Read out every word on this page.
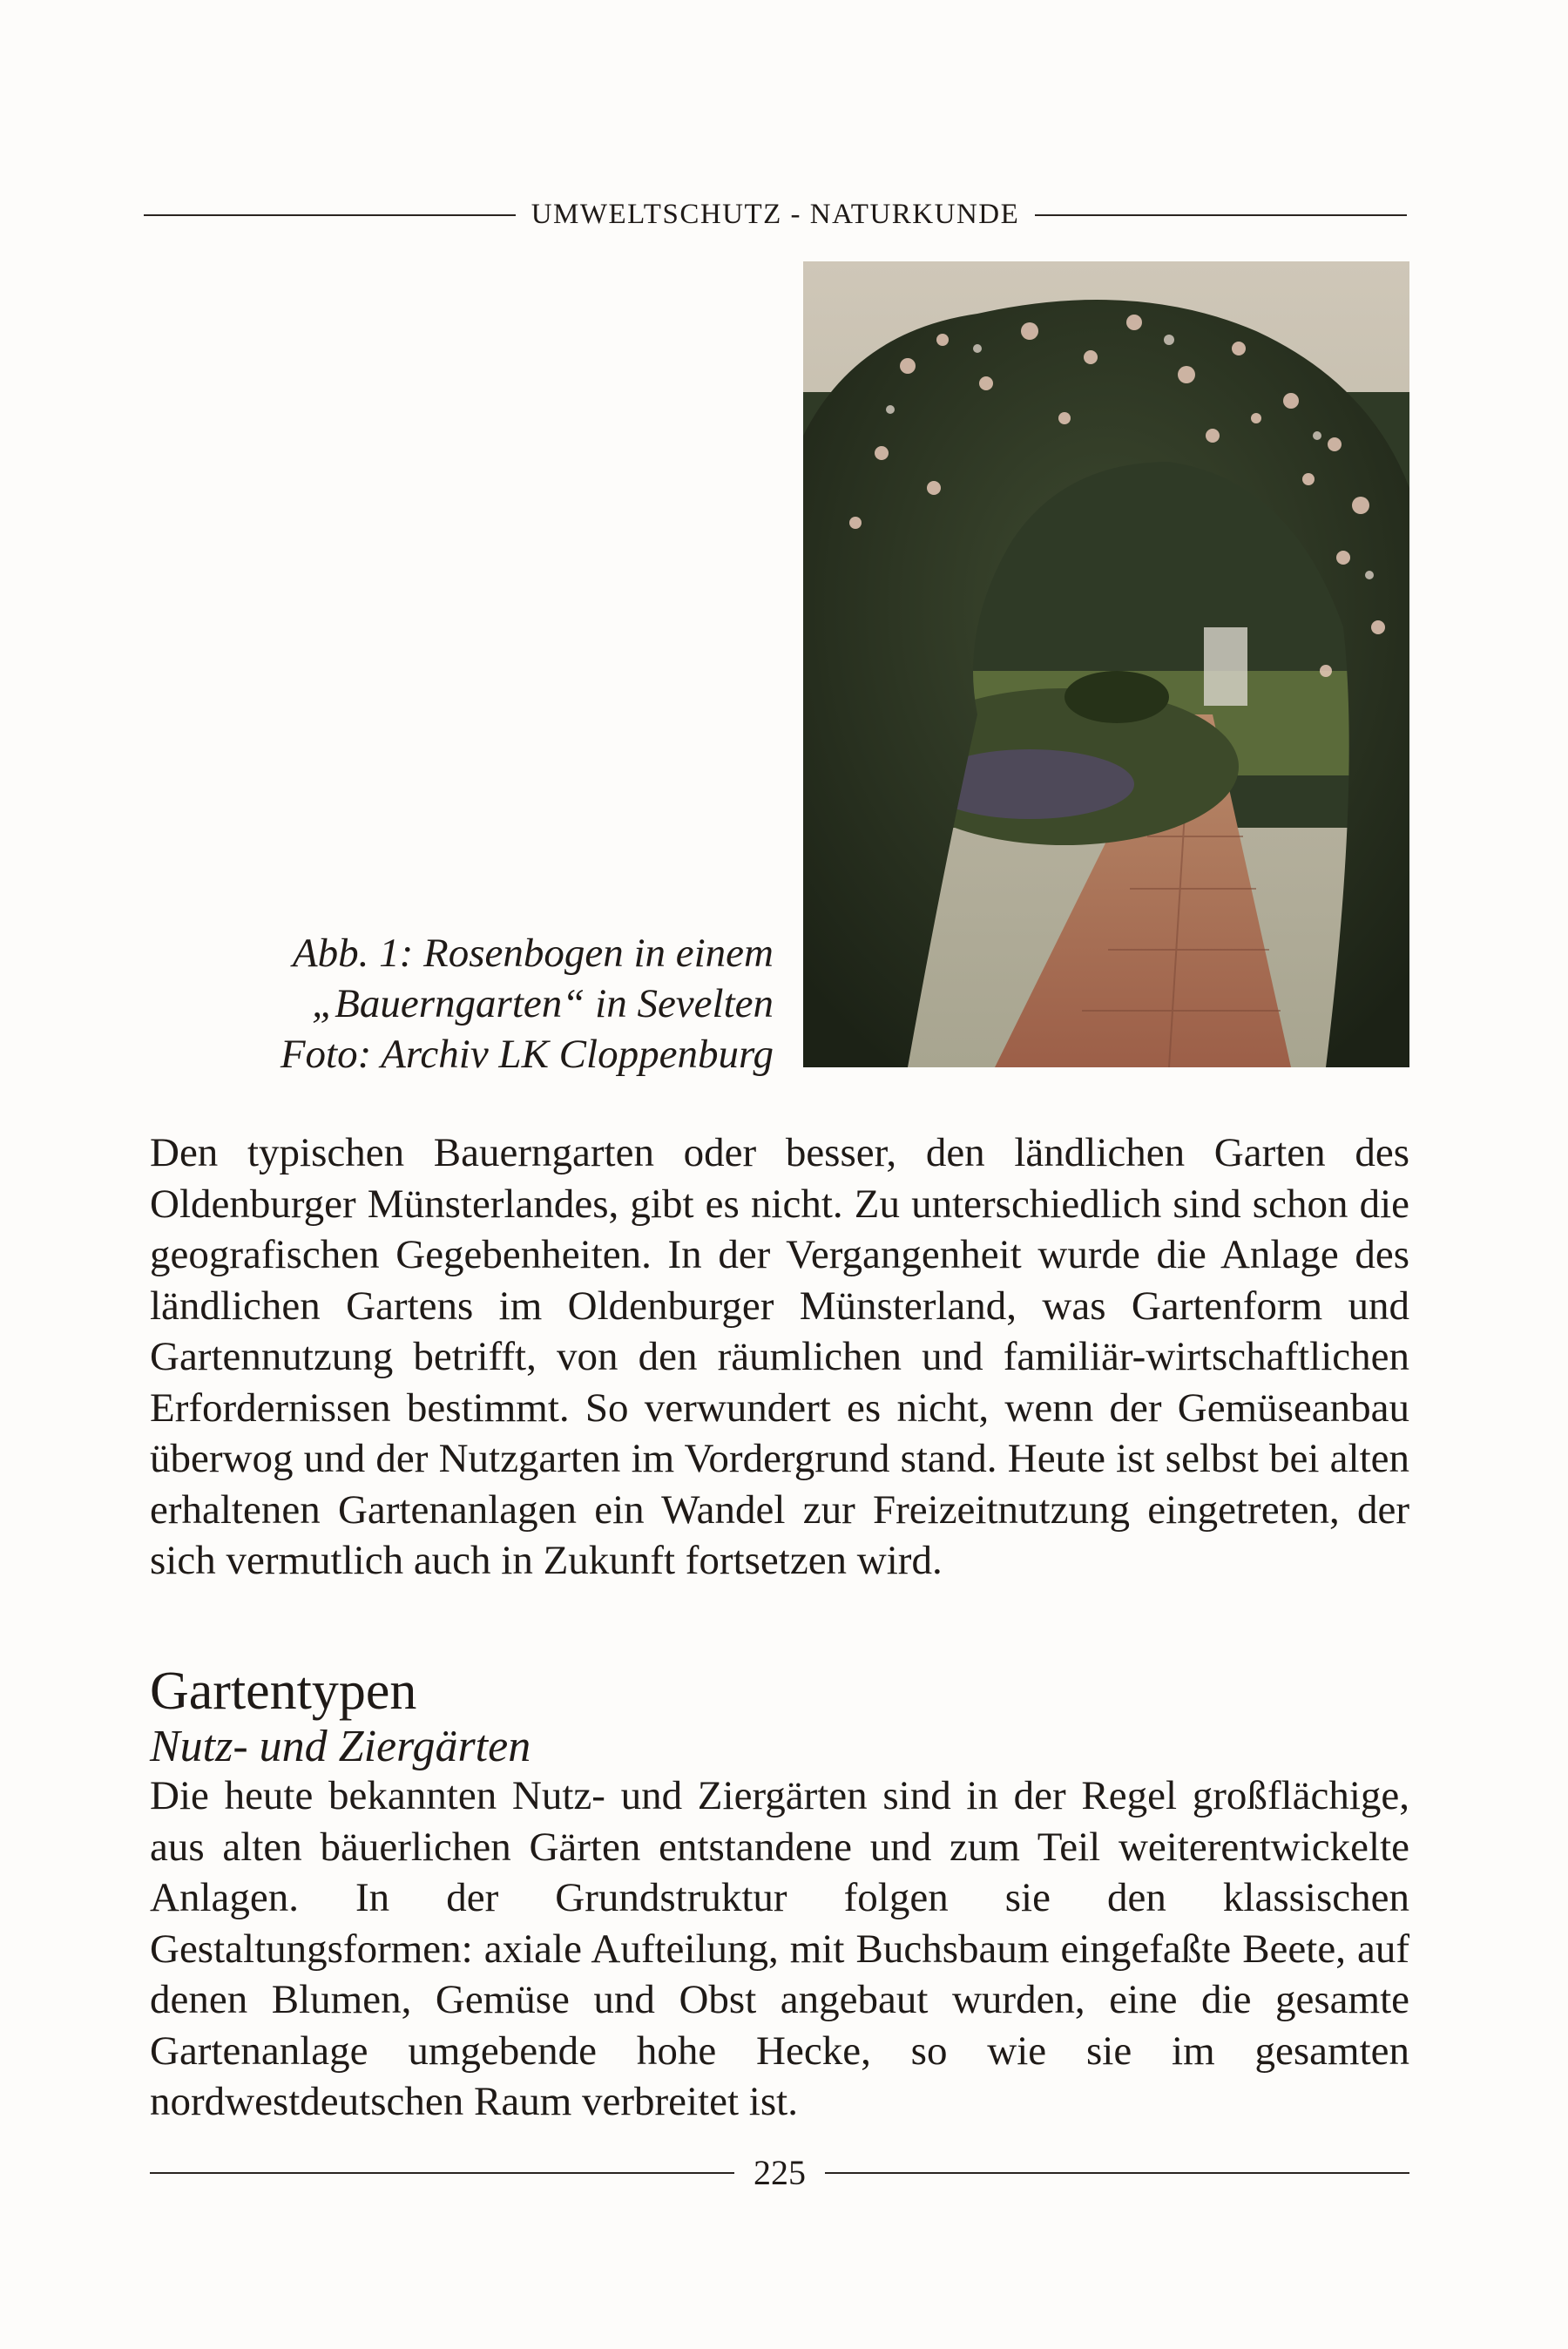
UMWELTSCHUTZ - NATURKUNDE
Abb. 1: Rosenbogen in einem
„Bauerngarten“ in Sevelten
Foto: Archiv LK Cloppenburg
Den typischen Bauerngarten oder besser, den ländlichen Garten des Oldenburger Münsterlandes, gibt es nicht. Zu unterschiedlich sind schon die geografischen Gegebenheiten. In der Vergangenheit wurde die Anlage des ländlichen Gartens im Oldenburger Münsterland, was Gartenform und Gartennutzung betrifft, von den räumlichen und familiär-wirtschaftlichen Erfordernissen bestimmt. So verwundert es nicht, wenn der Gemüseanbau überwog und der Nutzgarten im Vordergrund stand. Heute ist selbst bei alten erhaltenen Gartenanlagen ein Wandel zur Freizeitnutzung eingetreten, der sich vermutlich auch in Zukunft fortsetzen wird.
Gartentypen
Nutz- und Ziergärten
Die heute bekannten Nutz- und Ziergärten sind in der Regel großflächige, aus alten bäuerlichen Gärten entstandene und zum Teil weiterentwickelte Anlagen. In der Grundstruktur folgen sie den klassischen Gestaltungsformen: axiale Aufteilung, mit Buchsbaum eingefaßte Beete, auf denen Blumen, Gemüse und Obst angebaut wurden, eine die gesamte Gartenanlage umgebende hohe Hecke, so wie sie im gesamten nordwestdeutschen Raum verbreitet ist.
225
